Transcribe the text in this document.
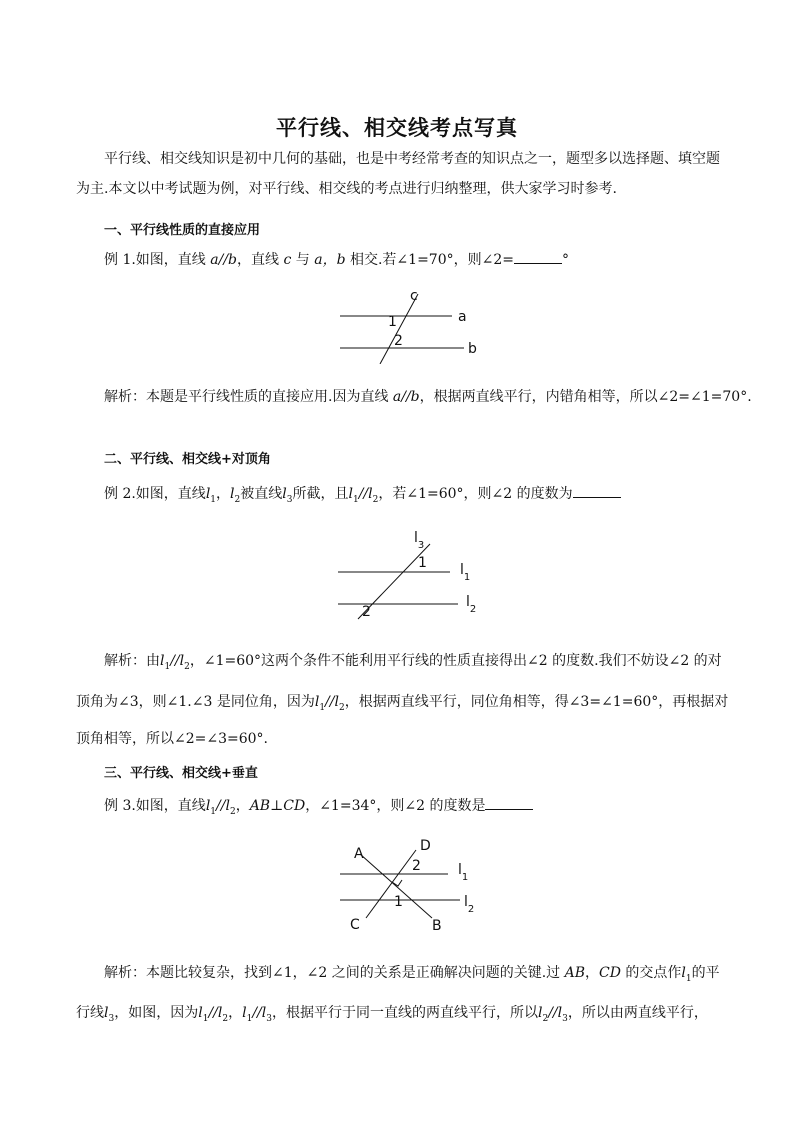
平行线、相交线考点写真
平行线、相交线知识是初中几何的基础，也是中考经常考查的知识点之一，题型多以选择题、填空题为主.本文以中考试题为例，对平行线、相交线的考点进行归纳整理，供大家学习时参考.
一、平行线性质的直接应用
例 1.如图，直线 a//b，直线 c 与 a，b 相交.若∠1=70°，则∠2=	°
c
a
b
1
2
解析：本题是平行线性质的直接应用.因为直线 a//b，根据两直线平行，内错角相等，所以∠2=∠1=70°.
二、平行线、相交线+对顶角
例 2.如图，直线$l_1$，$l_2$被直线$l_3$所截，且$l_1//l_2$，若∠1=60°，则∠2 的度数为
$l_3$
$l_1$
$l_2$
1
2
解析：由$l_1//l_2$，∠1=60°这两个条件不能利用平行线的性质直接得出∠2 的度数.我们不妨设∠2 的对
顶角为∠3，则∠1.∠3 是同位角，因为$l_1//l_2$，根据两直线平行，同位角相等，得∠3=∠1=60°，再根据对
顶角相等，所以∠2=∠3=60°.
三、平行线、相交线+垂直
例 3.如图，直线$l_1//l_2$，AB⊥CD，∠1=34°，则∠2 的度数是
A	D
2	$l_1$
$l_2$
1
C	B
解析：本题比较复杂，找到∠1，∠2 之间的关系是正确解决问题的关键.过 AB，CD 的交点作$l_1$的平
行线$l_3$，如图，因为$l_1//l_2$，$l_1//l_3$，根据平行于同一直线的两直线平行，所以$l_2//l_3$，所以由两直线平行，
